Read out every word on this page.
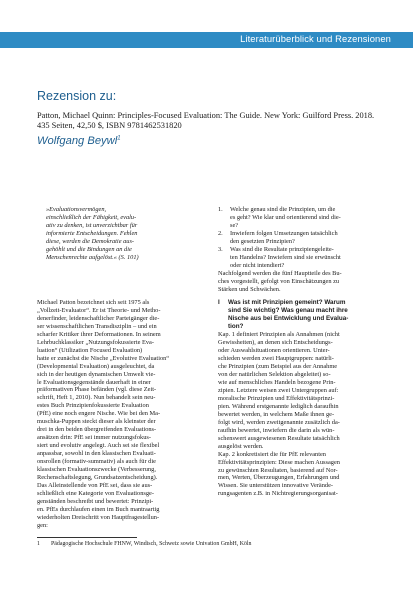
Literaturüberblick und Rezensionen
Rezension zu:
Patton, Michael Quinn: Principles-Focused Evaluation: The Guide. New York: Guilford Press. 2018. 435 Seiten, 42,50 $, ISBN 9781462531820
Wolfgang Beywl$^1$
»Evaluationsvermögen,
einschließlich der Fähigkeit, evalu-
ativ zu denken, ist unverzichtbar für
informierte Entscheidungen. Fehlen
diese, werden die Demokratie aus-
gehöhlt und die Bindungen an die
Menschenrechte aufgelöst.« (S. 101)
Michael Patton bezeichnet sich seit 1975 als
„Vollzeit-Evaluator“. Er ist Theorie- und Metho-
denerfinder, leidenschaftlicher Parteigänger die-
ser wissenschaftlichen Transdisziplin – und ein
scharfer Kritiker ihrer Deformationen. In seinem
Lehrbuchklassiker „Nutzungsfokussierte Eva-
luation“ (Utilization Focused Evaluation)
hatte er zunächst die Nische „Evolutive Evaluation“
(Developmental Evaluation) ausgeleuchtet, da
sich in der heutigen dynamischen Umwelt vie-
le Evaluationsgegenstände dauerhaft in einer
präformativen Phase befänden (vgl. diese Zeit-
schrift, Heft 1, 2010). Nun behandelt sein neu-
estes Buch Prinzipienfokussierte Evaluation
(PfE) eine noch engere Nische. Wie bei den Ma-
muschka-Puppen steckt dieser als kleinster der
drei in den beiden übergreifenden Evaluations-
ansätzen drin: PfE sei immer nutzungsfokus-
siert und evolutiv angelegt. Auch sei sie flexibel
anpassbar, sowohl in den klassischen Evaluati-
onsrollen (formativ-summativ) als auch für die
klassischen Evaluationszwecke (Verbesserung,
Rechenschaftslegung, Grundsatzentscheidung).
Das Alleinstellende von PfE sei, dass sie aus-
schließlich eine Kategorie von Evaluationsge-
genständen beschreibt und bewertet: Prinzipi-
en. PfEs durchlaufen einen im Buch mantraartig
wiederholten Dreischritt von Hauptfragestellun-
gen:
1. Welche genau sind die Prinzipien, um die
es geht? Wie klar und orientierend sind die-
se?
2. Inwiefern folgen Umsetzungen tatsächlich
den gesetzten Prinzipien?
3. Was sind die Resultate prinzipiengeleite-
ten Handelns? Inwiefern sind sie erwünscht
oder nicht intendiert?
Nachfolgend werden die fünf Hauptteile des Bu-
ches vorgestellt, gefolgt von Einschätzungen zu
Stärken und Schwächen.
I Was ist mit Prinzipien gemeint? Warum
sind Sie wichtig? Was genau macht ihre
Nische aus bei Entwicklung und Evalua-
tion?
Kap. 1 definiert Prinzipien als Annahmen (nicht
Gewissheiten), an denen sich Entscheidungs-
oder Auswahlsituationen orientieren. Unter-
schieden werden zwei Hauptgruppen: natürli-
che Prinzipien (zum Beispiel aus der Annahme
von der natürlichen Selektion abgeleitet) so-
wie auf menschliches Handeln bezogene Prin-
zipien. Letztere weisen zwei Untergruppen auf:
moralische Prinzipien und Effektivitätsprinzi-
pien. Während erstgenannte lediglich daraufhin
bewertet werden, in welchem Maße ihnen ge-
folgt wird, werden zweitgenannte zusätzlich da-
raufhin bewertet, inwiefern die darin als wün-
schenswert ausgewiesenen Resultate tatsächlich
ausgelöst werden.
Kap. 2 konkretisiert die für PfE relevanten
Effektivitätsprinzipien: Diese machen Aussagen
zu gewünschten Resultaten, basierend auf Nor-
men, Werten, Überzeugungen, Erfahrungen und
Wissen. Sie unterstützen innovative Verände-
rungsagenten z.B. in Nichtregierungsorganisat-
1 Pädagogische Hochschule FHNW, Windisch, Schweiz sowie Univation GmbH, Köln
